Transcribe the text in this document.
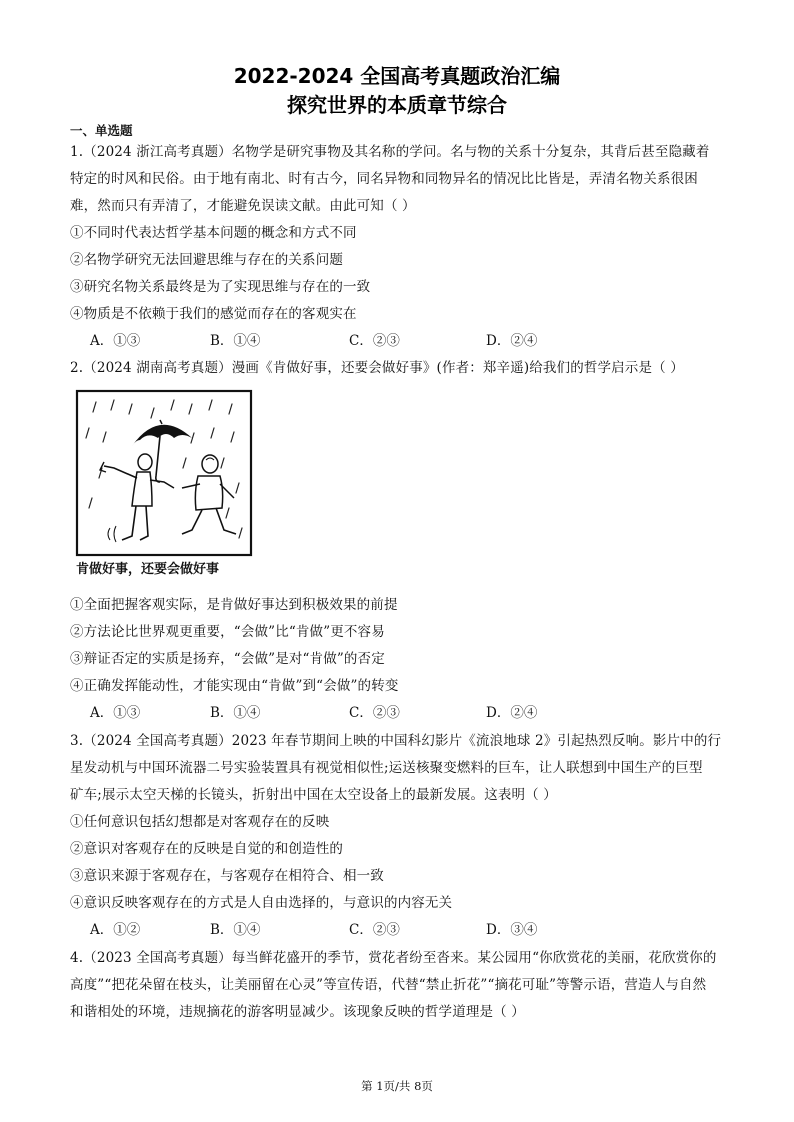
2022-2024 全国高考真题政治汇编
探究世界的本质章节综合
一、单选题
1.（2024 浙江高考真题）名物学是研究事物及其名称的学问。名与物的关系十分复杂，其背后甚至隐藏着
特定的时风和民俗。由于地有南北、时有古今，同名异物和同物异名的情况比比皆是，弄清名物关系很困
难，然而只有弄清了，才能避免误读文献。由此可知（ ）
①不同时代表达哲学基本问题的概念和方式不同
②名物学研究无法回避思维与存在的关系问题
③研究名物关系最终是为了实现思维与存在的一致
④物质是不依赖于我们的感觉而存在的客观实在
A．①③	B．①④	C．②③	D．②④
2.（2024 湖南高考真题）漫画《肯做好事，还要会做好事》(作者：郑辛遥)给我们的哲学启示是（ ）
肯做好事，还要会做好事
①全面把握客观实际，是肯做好事达到积极效果的前提
②方法论比世界观更重要，“会做”比“肯做”更不容易
③辩证否定的实质是扬弃，“会做”是对“肯做”的否定
④正确发挥能动性，才能实现由“肯做”到“会做”的转变
A．①③	B．①④	C．②③	D．②④
3.（2024 全国高考真题）2023 年春节期间上映的中国科幻影片《流浪地球 2》引起热烈反响。影片中的行
星发动机与中国环流器二号实验装置具有视觉相似性;运送核聚变燃料的巨车，让人联想到中国生产的巨型
矿车;展示太空天梯的长镜头，折射出中国在太空设备上的最新发展。这表明（ ）
①任何意识包括幻想都是对客观存在的反映
②意识对客观存在的反映是自觉的和创造性的
③意识来源于客观存在，与客观存在相符合、相一致
④意识反映客观存在的方式是人自由选择的，与意识的内容无关
A．①②	B．①④	C．②③	D．③④
4.（2023 全国高考真题）每当鲜花盛开的季节，赏花者纷至沓来。某公园用“你欣赏花的美丽，花欣赏你的
高度”“把花朵留在枝头，让美丽留在心灵”等宣传语，代替“禁止折花”“摘花可耻”等警示语，营造人与自然
和谐相处的环境，违规摘花的游客明显减少。该现象反映的哲学道理是（ ）
第 1页/共 8页
